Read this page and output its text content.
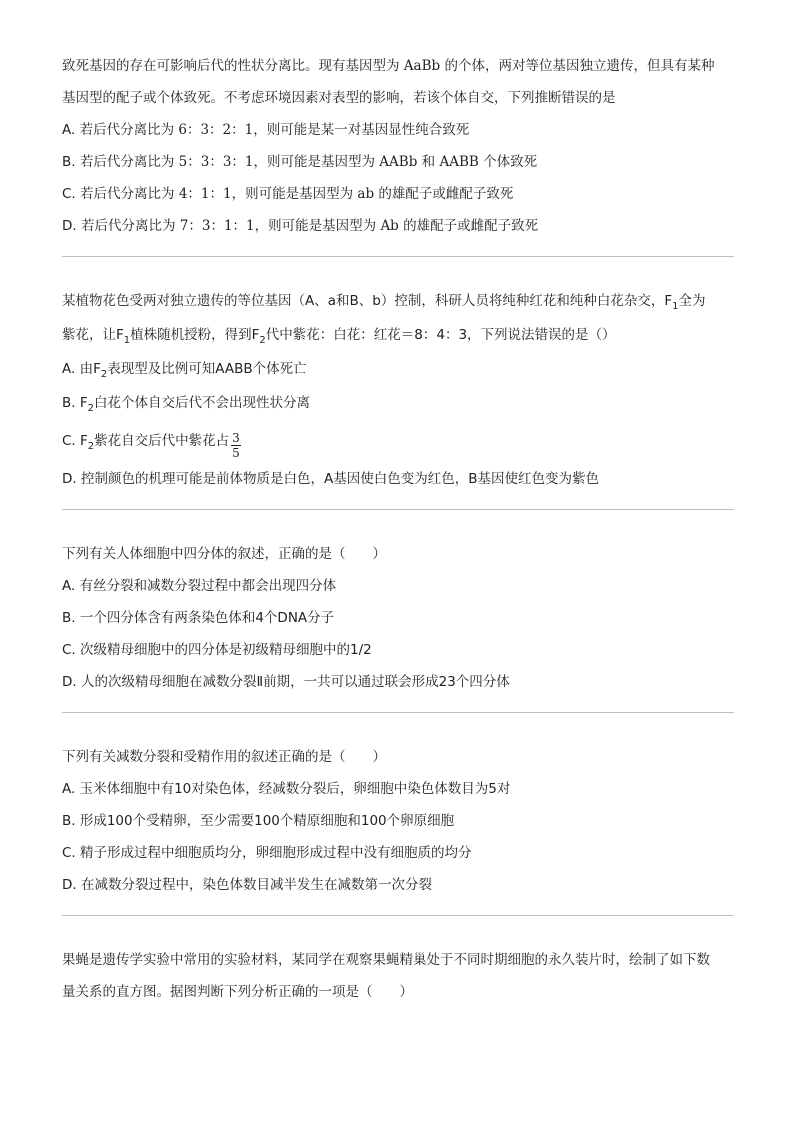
致死基因的存在可影响后代的性状分离比。现有基因型为 AaBb 的个体，两对等位基因独立遗传，但具有某种
基因型的配子或个体致死。不考虑环境因素对表型的影响，若该个体自交，下列推断错误的是

A. 若后代分离比为 6：3：2：1，则可能是某一对基因显性纯合致死

B. 若后代分离比为 5：3：3：1，则可能是基因型为 AABb 和 AABB 个体致死

C. 若后代分离比为 4：1：1，则可能是基因型为 ab 的雄配子或雌配子致死

D. 若后代分离比为 7：3：1：1，则可能是基因型为 Ab 的雄配子或雌配子致死

某植物花色受两对独立遗传的等位基因（A、a和B、b）控制，科研人员将纯种红花和纯种白花杂交，$F_1$全为
紫花，让$F_1$植株随机授粉，得到$F_2$代中紫花：白花：红花＝8：4：3，下列说法错误的是（）

A. 由$F_2$表现型及比例可知AABB个体死亡

B. $F_2$白花个体自交后代不会出现性状分离

C. $F_2$紫花自交后代中紫花占 $\frac{3}{5}$

D. 控制颜色的机理可能是前体物质是白色，A基因使白色变为红色，B基因使红色变为紫色

下列有关人体细胞中四分体的叙述，正确的是（　　）

A. 有丝分裂和减数分裂过程中都会出现四分体

B. 一个四分体含有两条染色体和4个DNA分子

C. 次级精母细胞中的四分体是初级精母细胞中的1/2

D. 人的次级精母细胞在减数分裂Ⅱ前期，一共可以通过联会形成23个四分体

下列有关减数分裂和受精作用的叙述正确的是（　　）

A. 玉米体细胞中有10对染色体，经减数分裂后，卵细胞中染色体数目为5对

B. 形成100个受精卵，至少需要100个精原细胞和100个卵原细胞

C. 精子形成过程中细胞质均分，卵细胞形成过程中没有细胞质的均分

D. 在减数分裂过程中，染色体数目减半发生在减数第一次分裂

果蝇是遗传学实验中常用的实验材料，某同学在观察果蝇精巢处于不同时期细胞的永久装片时，绘制了如下数
量关系的直方图。据图判断下列分析正确的一项是（　　）
